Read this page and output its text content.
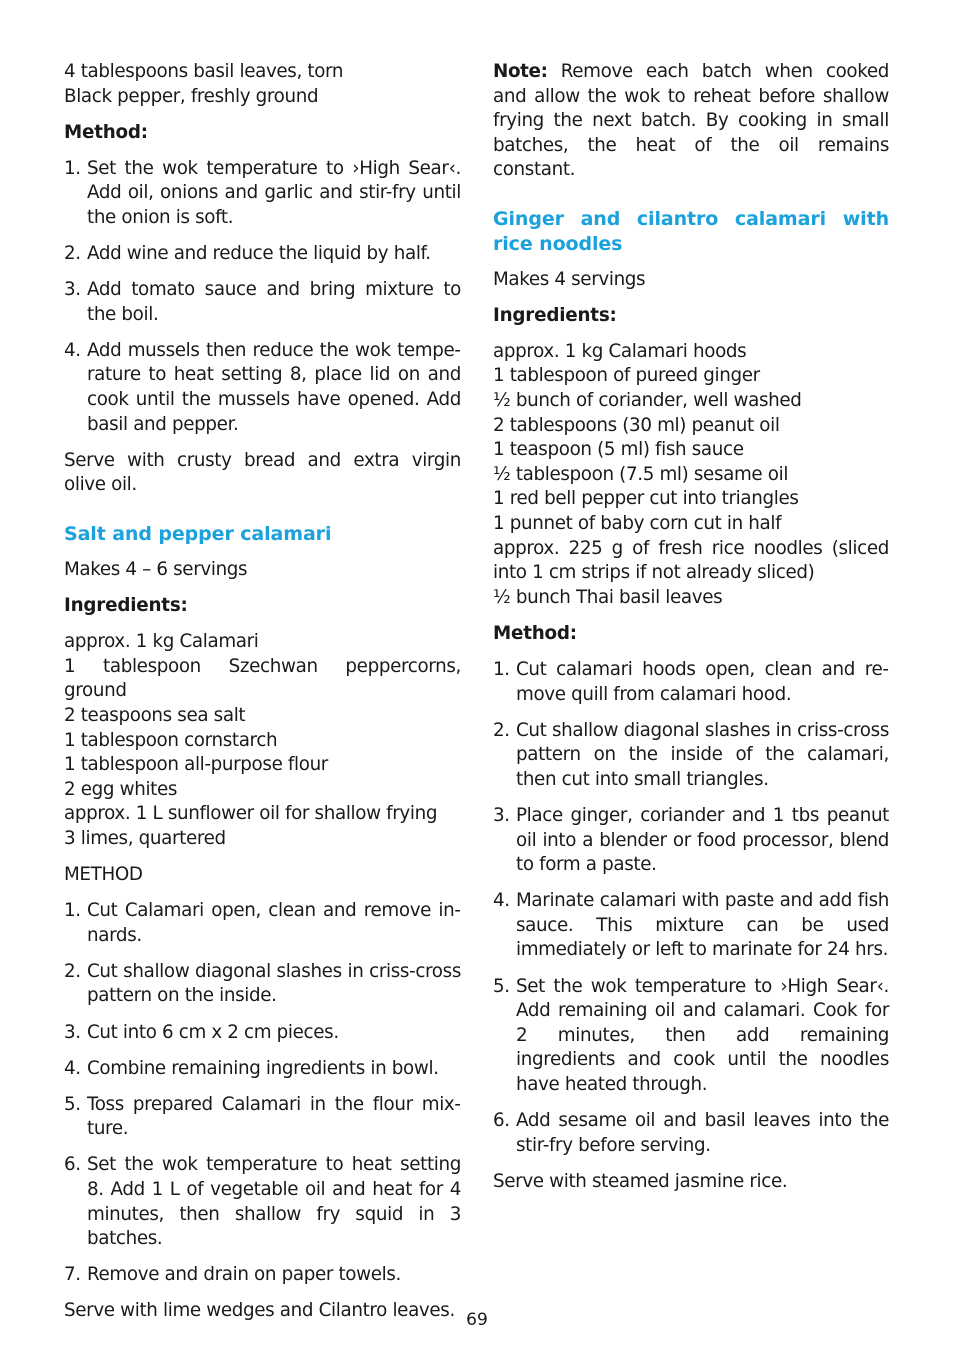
4 tablespoons basil leaves, torn

Black pepper, freshly ground

Method:

1. Set the wok temperature to ›High Sear‹. Add oil, onions and garlic and stir-fry until the onion is soft.
2. Add wine and reduce the liquid by half.
3. Add tomato sauce and bring mixture to the boil.
4. Add mussels then reduce the wok temperature to heat setting 8, place lid on and cook until the mussels have opened. Add basil and pepper.

Serve with crusty bread and extra virgin olive oil.

Salt and pepper calamari

Makes 4 – 6 servings

Ingredients:

approx. 1 kg Calamari

1 tablespoon Szechwan peppercorns, ground

2 teaspoons sea salt

1 tablespoon cornstarch

1 tablespoon all-purpose flour

2 egg whites

approx. 1 L sunflower oil for shallow frying

3 limes, quartered

METHOD

1. Cut Calamari open, clean and remove innards.
2. Cut shallow diagonal slashes in criss-cross pattern on the inside.
3. Cut into 6 cm x 2 cm pieces.
4. Combine remaining ingredients in bowl.
5. Toss prepared Calamari in the flour mixture.
6. Set the wok temperature to heat setting 8. Add 1 L of vegetable oil and heat for 4 minutes, then shallow fry squid in 3 batches.
7. Remove and drain on paper towels.

Serve with lime wedges and Cilantro leaves.

Note: Remove each batch when cooked and allow the wok to reheat before shallow frying the next batch. By cooking in small batches, the heat of the oil remains constant.

Ginger and cilantro calamari with rice noodles

Makes 4 servings

Ingredients:

approx. 1 kg Calamari hoods

1 tablespoon of pureed ginger

½ bunch of coriander, well washed

2 tablespoons (30 ml) peanut oil

1 teaspoon (5 ml) fish sauce

½ tablespoon (7.5 ml) sesame oil

1 red bell pepper cut into triangles

1 punnet of baby corn cut in half

approx. 225 g of fresh rice noodles (sliced into 1 cm strips if not already sliced)

½ bunch Thai basil leaves

Method:

1. Cut calamari hoods open, clean and remove quill from calamari hood.
2. Cut shallow diagonal slashes in criss-cross pattern on the inside of the calamari, then cut into small triangles.
3. Place ginger, coriander and 1 tbs peanut oil into a blender or food processor, blend to form a paste.
4. Marinate calamari with paste and add fish sauce. This mixture can be used immediately or left to marinate for 24 hrs.
5. Set the wok temperature to ›High Sear‹. Add remaining oil and calamari. Cook for 2 minutes, then add remaining ingredients and cook until the noodles have heated through.
6. Add sesame oil and basil leaves into the stir-fry before serving.

Serve with steamed jasmine rice.

69
